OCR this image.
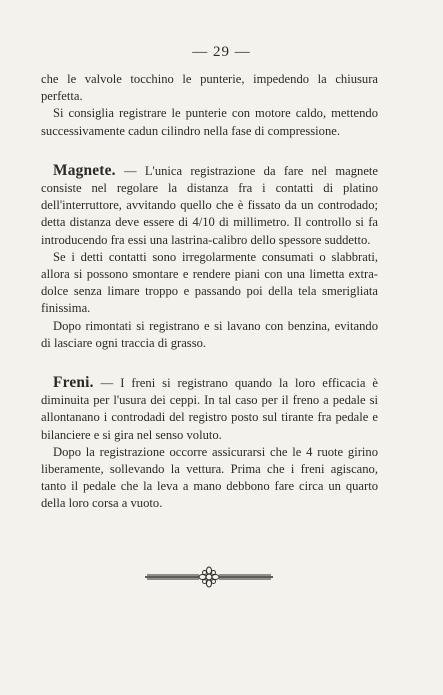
— 29 —

che le valvole tocchino le punterie, impedendo la chiusura perfetta.

Si consiglia registrare le punterie con motore caldo, mettendo successivamente cadun cilindro nella fase di compressione.

Magnete. — L'unica registrazione da fare nel magnete consiste nel regolare la distanza fra i contatti di platino dell'interruttore, avvitando quello che è fissato da un controdado; detta distanza deve essere di 4/10 di millimetro. Il controllo si fa introducendo fra essi una lastrina-calibro dello spessore suddetto.

Se i detti contatti sono irregolarmente consumati o slabbrati, allora si possono smontare e rendere piani con una limetta extra-dolce senza limare troppo e passando poi della tela smerigliata finissima.

Dopo rimontati si registrano e si lavano con benzina, evitando di lasciare ogni traccia di grasso.

Freni. — I freni si registrano quando la loro efficacia è diminuita per l'usura dei ceppi. In tal caso per il freno a pedale si allontanano i controdadi del registro posto sul tirante fra pedale e bilanciere e si gira nel senso voluto.

Dopo la registrazione occorre assicurarsi che le 4 ruote girino liberamente, sollevando la vettura. Prima che i freni agiscano, tanto il pedale che la leva a mano debbono fare circa un quarto della loro corsa a vuoto.
